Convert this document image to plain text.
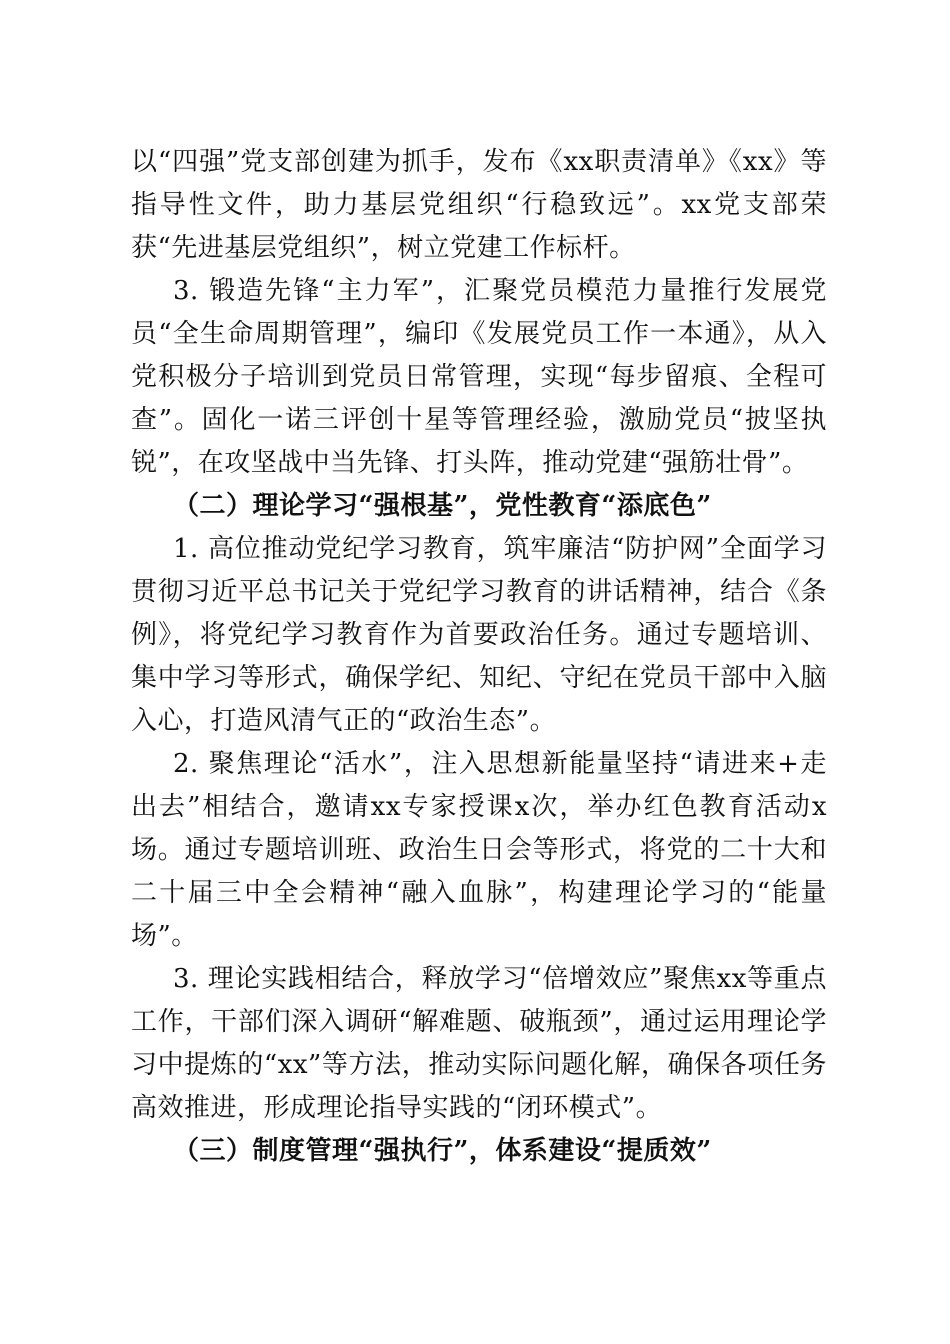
以“四强”党支部创建为抓手，发布《xx职责清单》《xx》等指导性文件，助力基层党组织“行稳致远”。xx党支部荣获“先进基层党组织”，树立党建工作标杆。

3. 锻造先锋“主力军”，汇聚党员模范力量推行发展党员“全生命周期管理”，编印《发展党员工作一本通》，从入党积极分子培训到党员日常管理，实现“每步留痕、全程可查”。固化一诺三评创十星等管理经验，激励党员“披坚执锐”，在攻坚战中当先锋、打头阵，推动党建“强筋壮骨”。

（二）理论学习“强根基”，党性教育“添底色”

1. 高位推动党纪学习教育，筑牢廉洁“防护网”全面学习贯彻习近平总书记关于党纪学习教育的讲话精神，结合《条例》，将党纪学习教育作为首要政治任务。通过专题培训、集中学习等形式，确保学纪、知纪、守纪在党员干部中入脑入心，打造风清气正的“政治生态”。

2. 聚焦理论“活水”，注入思想新能量坚持“请进来+走出去”相结合，邀请xx专家授课x次，举办红色教育活动x场。通过专题培训班、政治生日会等形式，将党的二十大和二十届三中全会精神“融入血脉”，构建理论学习的“能量场”。

3. 理论实践相结合，释放学习“倍增效应”聚焦xx等重点工作，干部们深入调研“解难题、破瓶颈”，通过运用理论学习中提炼的“xx”等方法，推动实际问题化解，确保各项任务高效推进，形成理论指导实践的“闭环模式”。

（三）制度管理“强执行”，体系建设“提质效”
